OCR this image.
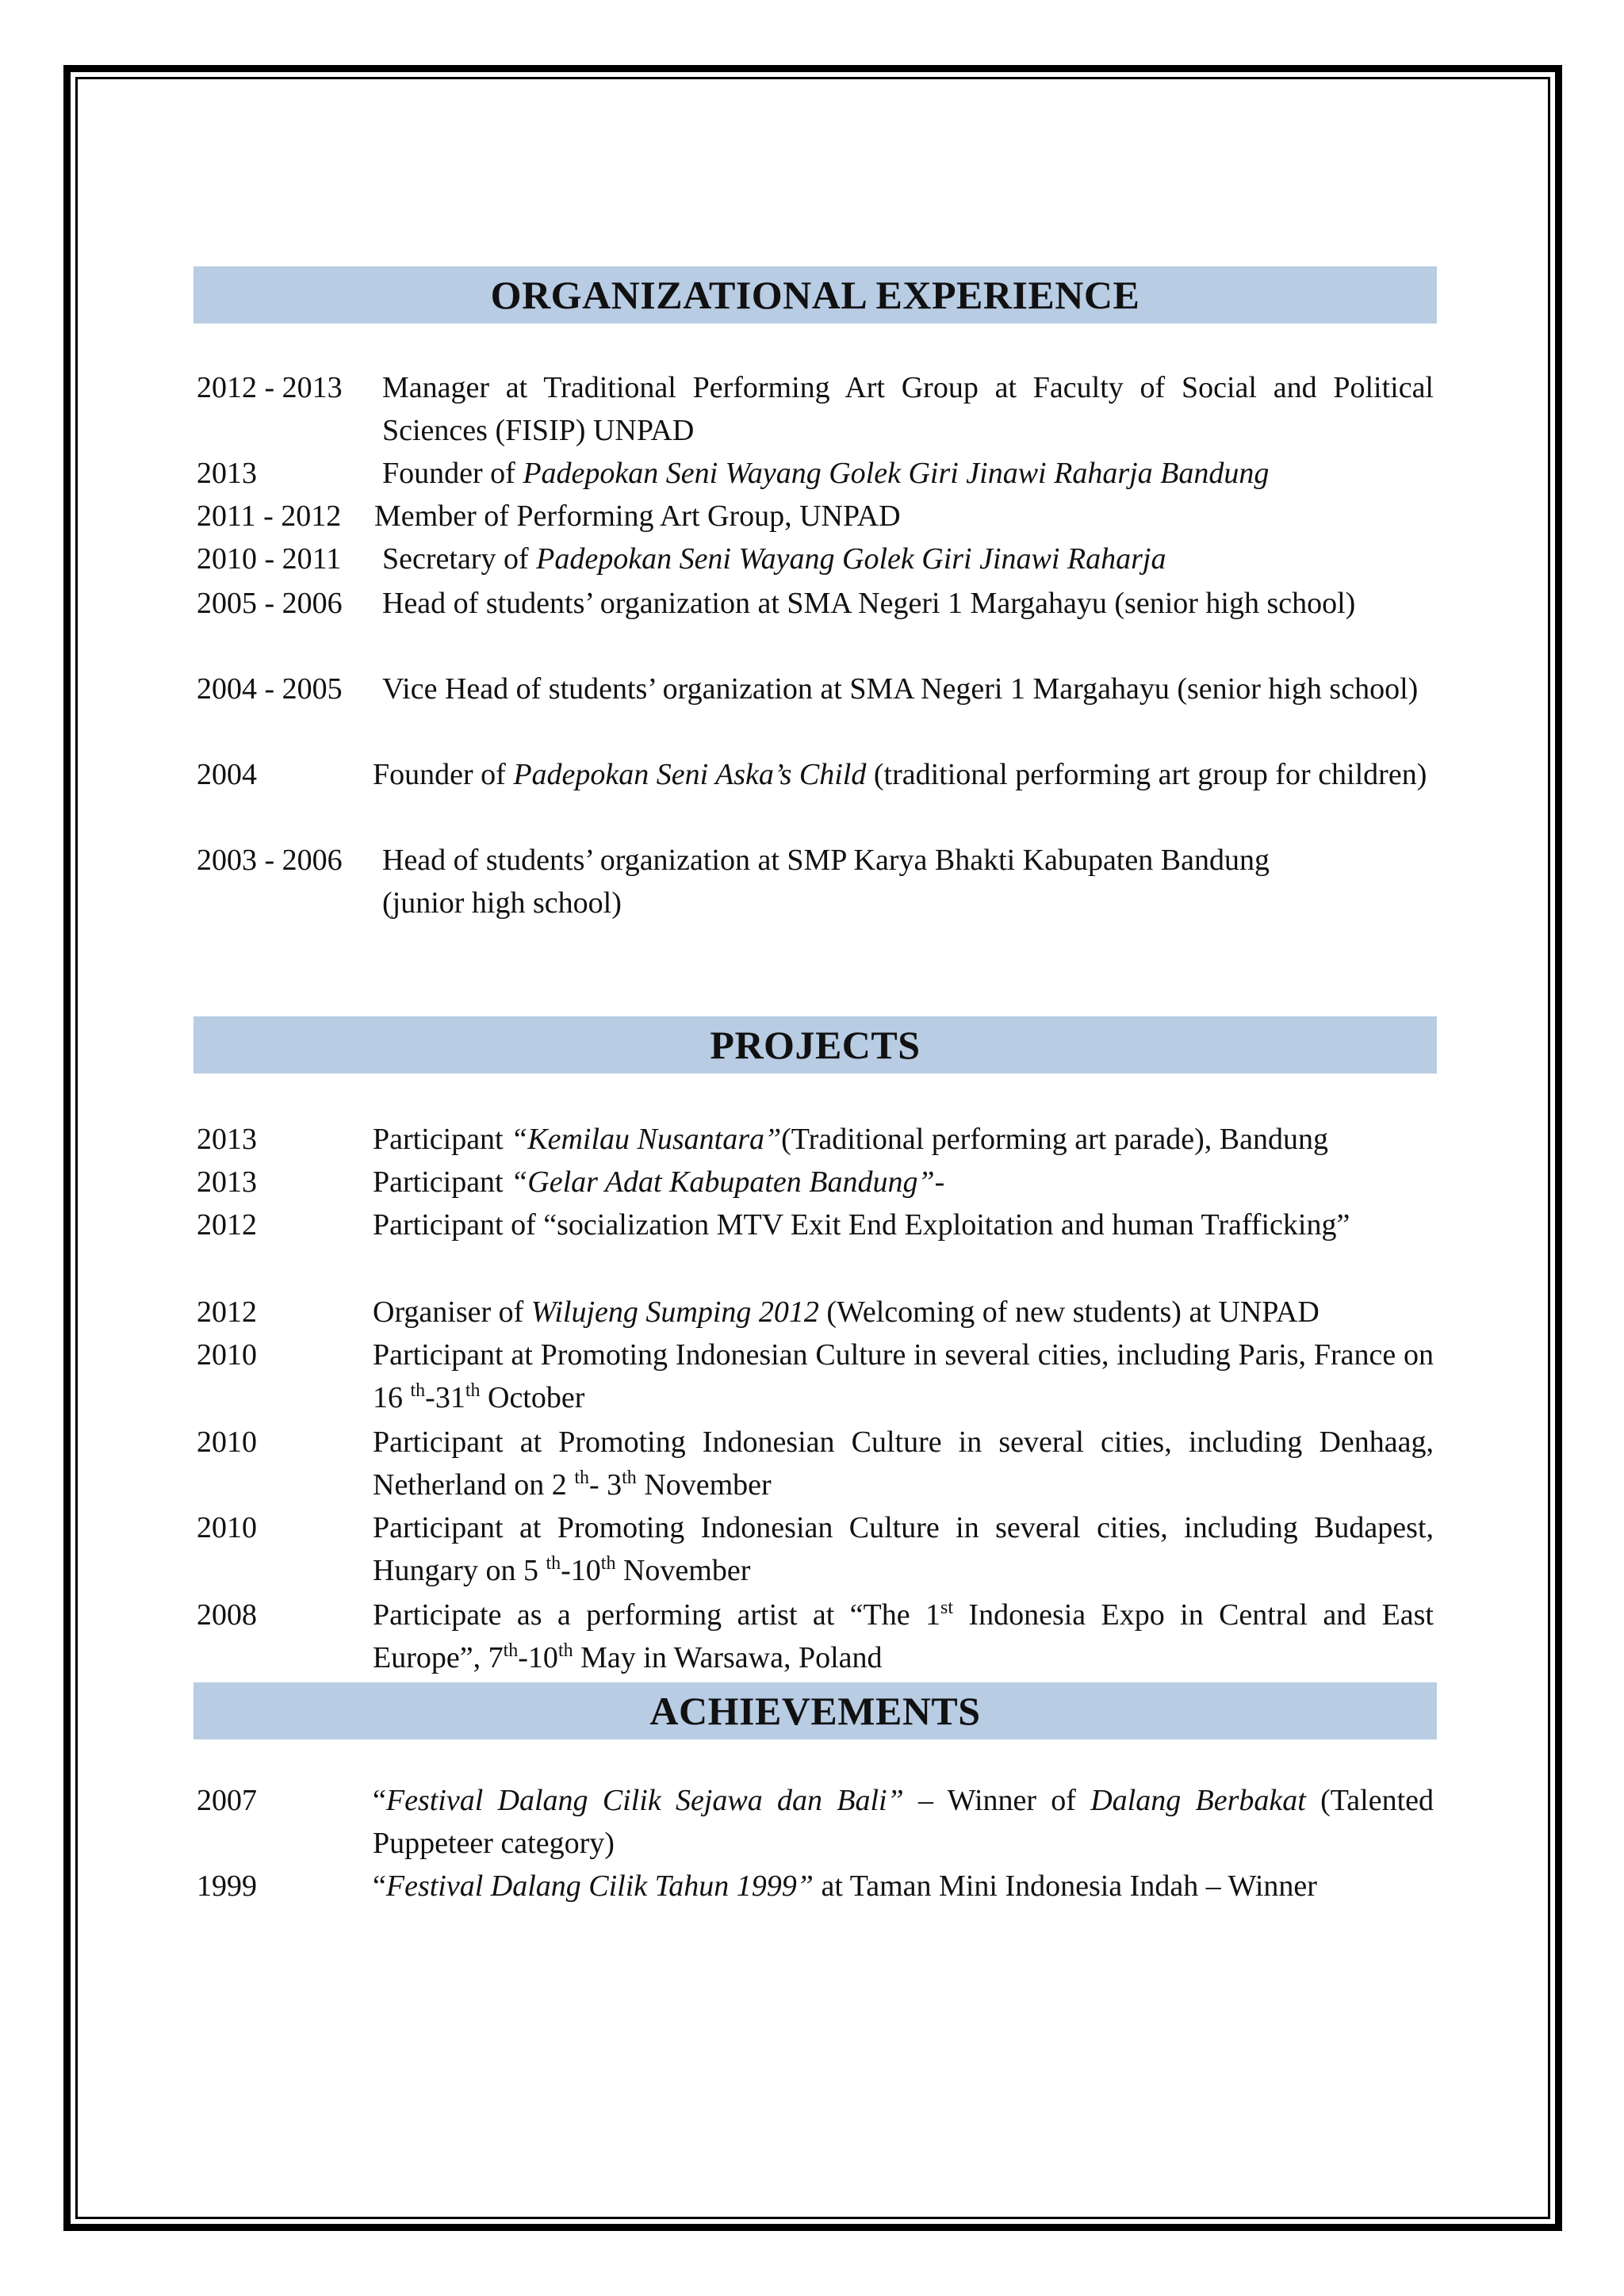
ORGANIZATIONAL EXPERIENCE
2012 - 2013 Manager at Traditional Performing Art Group at Faculty of Social and Political Sciences (FISIP) UNPAD
2013	Founder of Padepokan Seni Wayang Golek Giri Jinawi Raharja Bandung
2011 - 2012 Member of Performing Art Group, UNPAD
2010 - 2011 Secretary of Padepokan Seni Wayang Golek Giri Jinawi Raharja
2005 - 2006 Head of students’ organization at SMA Negeri 1 Margahayu (senior high school)
2004 - 2005 Vice Head of students’ organization at SMA Negeri 1 Margahayu (senior high school)
2004	Founder of Padepokan Seni Aska’s Child (traditional performing art group for children)
2003 - 2006 Head of students’ organization at SMP Karya Bhakti Kabupaten Bandung
(junior high school)
PROJECTS
2013	Participant “Kemilau Nusantara”(Traditional performing art parade), Bandung
2013	Participant “Gelar Adat Kabupaten Bandung”-
2012	Participant of “socialization MTV Exit End Exploitation and human Trafficking”
2012	Organiser of Wilujeng Sumping 2012 (Welcoming of new students) at UNPAD
2010	Participant at Promoting Indonesian Culture in several cities, including Paris, France on 16 $^{th}$-31th October
2010	Participant at Promoting Indonesian Culture in several cities, including Denhaag, Netherland on 2 $^{th}$- 3th November
2010	Participant at Promoting Indonesian Culture in several cities, including Budapest, Hungary on 5 $^{th}$-10th November
2008	Participate as a performing artist at “The 1st Indonesia Expo in Central and East Europe”, 7th-10th May in Warsawa, Poland
ACHIEVEMENTS
2007	“Festival Dalang Cilik Sejawa dan Bali” – Winner of Dalang Berbakat (Talented Puppeteer category)
1999	“Festival Dalang Cilik Tahun 1999” at Taman Mini Indonesia Indah – Winner
